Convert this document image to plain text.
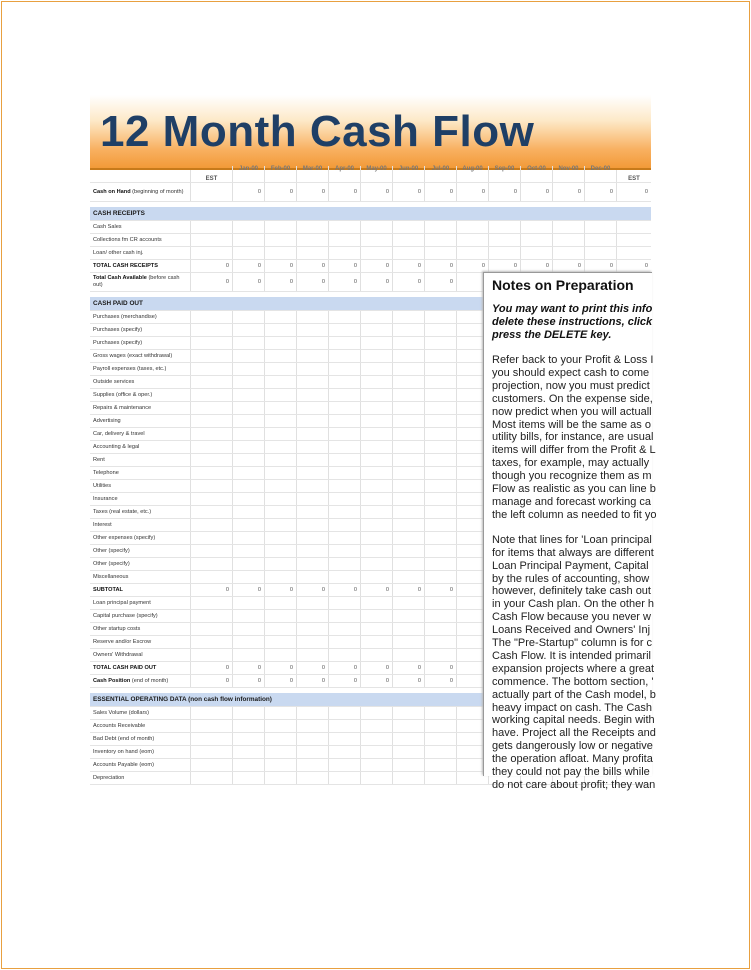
12 Month Cash Flow
EST
Jan-00	Feb-00	Mar-00	Apr-00	May-00	Jun-00	Jul-00	Aug-00	Sep-00	Oct-00	Nov-00	Dec-00
EST
Cash on Hand (beginning of month)	0	0	0	0	0	0	0	0	0	0	0	0	0
CASH RECEIPTS
Cash Sales
Collections fm CR accounts
Loan/ other cash inj.
TOTAL CASH RECEIPTS	0	0	0	0	0	0	0	0	0	0	0	0	0	0
Total Cash Available (before cash out)	0	0	0	0	0	0	0	0
CASH PAID OUT
Purchases (merchandise)
Purchases (specify)
Purchases (specify)
Gross wages (exact withdrawal)
Payroll expenses (taxes, etc.)
Outside services
Supplies (office & oper.)
Repairs & maintenance
Advertising
Car, delivery & travel
Accounting & legal
Rent
Telephone
Utilities
Insurance
Taxes (real estate, etc.)
Interest
Other expenses (specify)
Other (specify)
Other (specify)
Miscellaneous
SUBTOTAL	0	0	0	0	0	0	0	0
Loan principal payment
Capital purchase (specify)
Other startup costs
Reserve and/or Escrow
Owners' Withdrawal
TOTAL CASH PAID OUT	0	0	0	0	0	0	0	0
Cash Position (end of month)	0	0	0	0	0	0	0	0
ESSENTIAL OPERATING DATA (non cash flow information)
Sales Volume (dollars)
Accounts Receivable
Bad Debt (end of month)
Inventory on hand (eom)
Accounts Payable (eom)
Depreciation
Notes on Preparation
You may want to print this info
delete these instructions, click
press the DELETE key.

Refer back to your Profit & Loss I
you should expect cash to come
projection, now you must predict
customers. On the expense side,
now predict when you will actuall
Most items will be the same as o
utility bills, for instance, are usual
items will differ from the Profit & L
taxes, for example, may actually
though you recognize them as m
Flow as realistic as you can line b
manage and forecast working ca
the left column as needed to fit yo

Note that lines for 'Loan principal
for items that always are different
Loan Principal Payment, Capital
by the rules of accounting, show
however, definitely take cash out
in your Cash plan. On the other h
Cash Flow because you never w
Loans Received and Owners' Inj
The "Pre-Startup" column is for c
Cash Flow. It is intended primaril
expansion projects where a great
commence. The bottom section, '
actually part of the Cash model, b
heavy impact on cash. The Cash
working capital needs. Begin with
have. Project all the Receipts and
gets dangerously low or negative
the operation afloat. Many profita
they could not pay the bills while
do not care about profit; they wan
